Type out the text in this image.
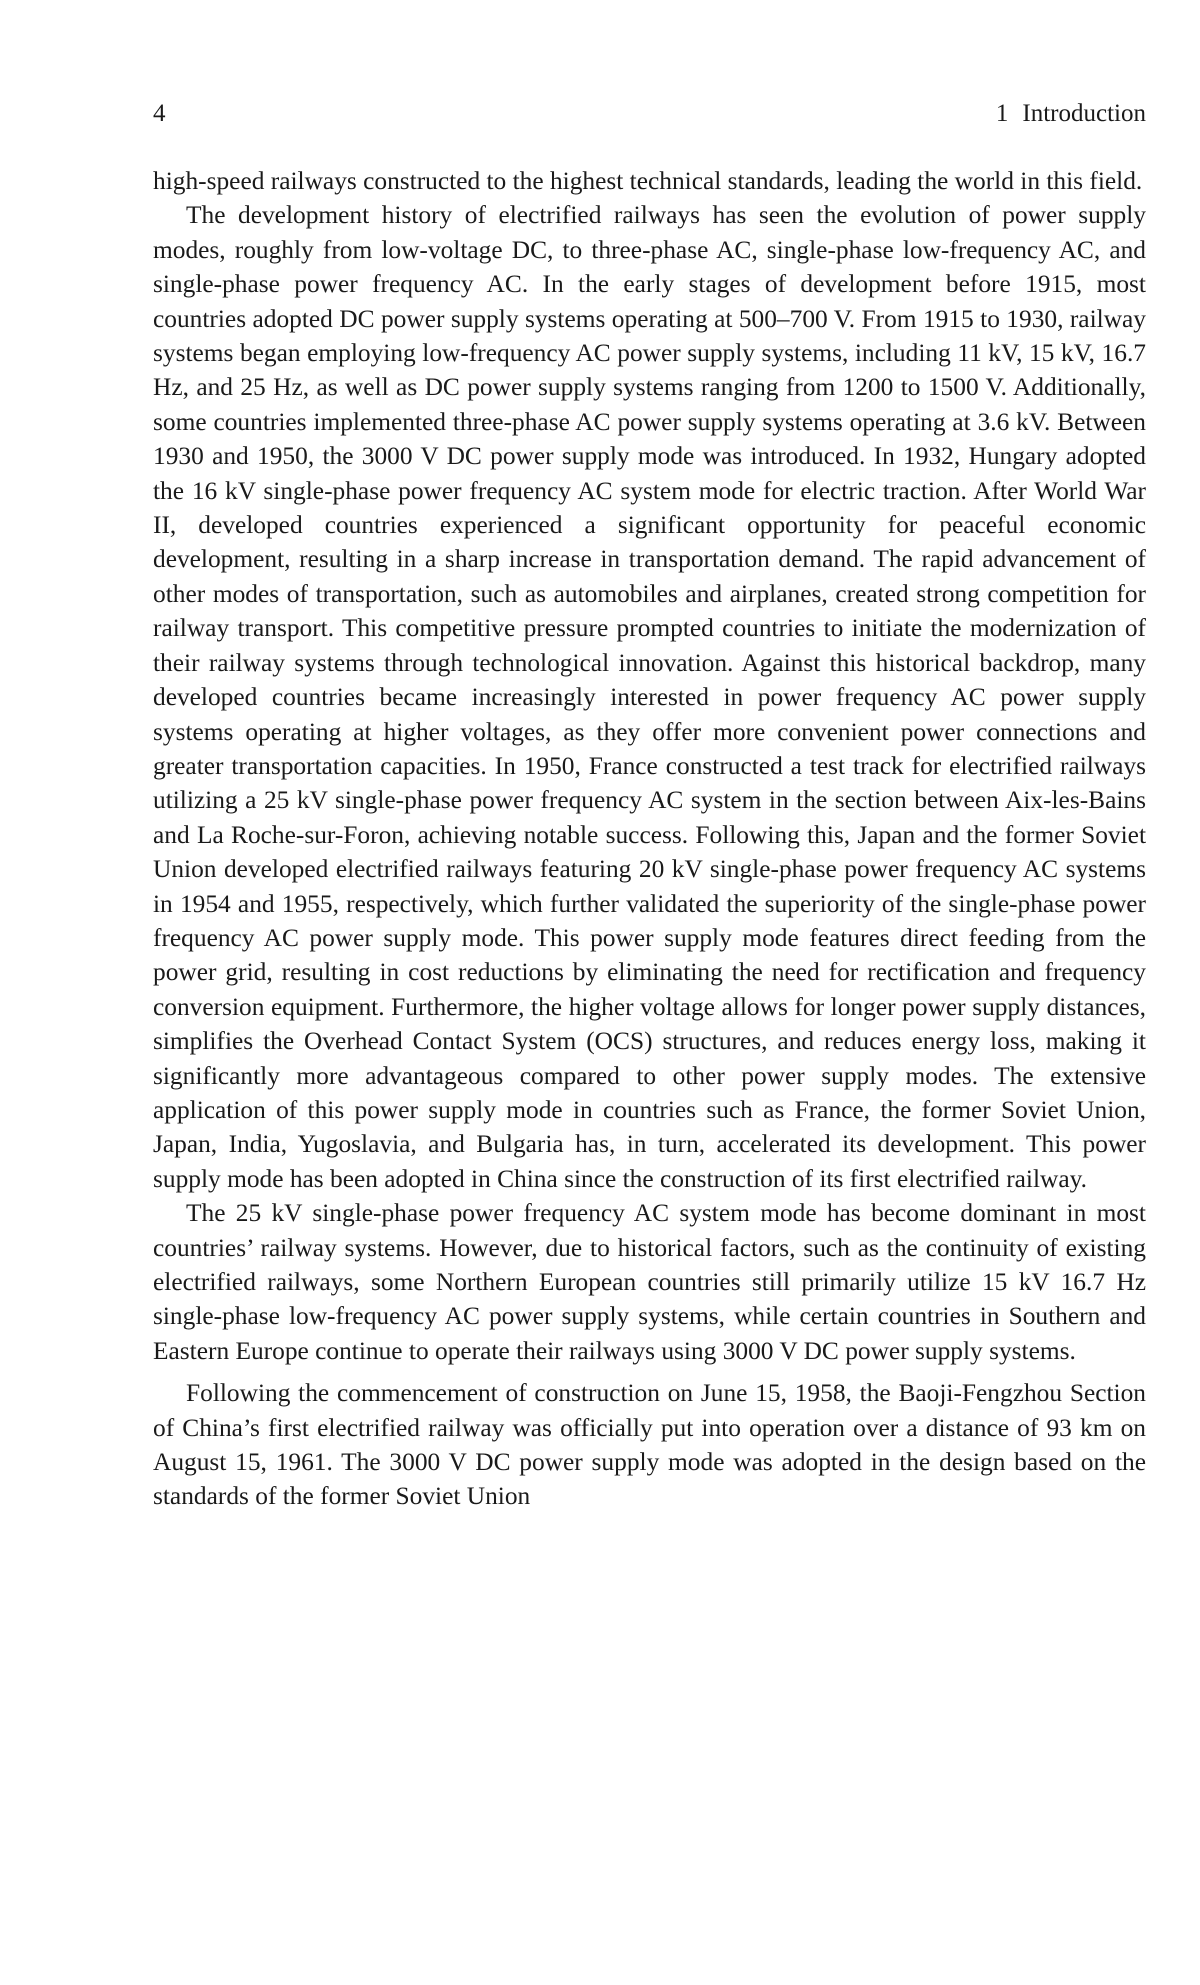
4	1 Introduction

high-speed railways constructed to the highest technical standards, leading the world in this field.

The development history of electrified railways has seen the evolution of power supply modes, roughly from low-voltage DC, to three-phase AC, single-phase low-frequency AC, and single-phase power frequency AC. In the early stages of development before 1915, most countries adopted DC power supply systems operating at 500–700 V. From 1915 to 1930, railway systems began employing low-frequency AC power supply systems, including 11 kV, 15 kV, 16.7 Hz, and 25 Hz, as well as DC power supply systems ranging from 1200 to 1500 V. Additionally, some countries implemented three-phase AC power supply systems operating at 3.6 kV. Between 1930 and 1950, the 3000 V DC power supply mode was introduced. In 1932, Hungary adopted the 16 kV single-phase power frequency AC system mode for electric traction. After World War II, developed countries experienced a significant opportunity for peaceful economic development, resulting in a sharp increase in transportation demand. The rapid advancement of other modes of transportation, such as automobiles and airplanes, created strong competition for railway transport. This competitive pressure prompted countries to initiate the modernization of their railway systems through technological innovation. Against this historical backdrop, many developed countries became increasingly interested in power frequency AC power supply systems operating at higher voltages, as they offer more convenient power connections and greater transportation capacities. In 1950, France constructed a test track for electrified railways utilizing a 25 kV single-phase power frequency AC system in the section between Aix-les-Bains and La Roche-sur-Foron, achieving notable success. Following this, Japan and the former Soviet Union developed electrified railways featuring 20 kV single-phase power frequency AC systems in 1954 and 1955, respectively, which further validated the superiority of the single-phase power frequency AC power supply mode. This power supply mode features direct feeding from the power grid, resulting in cost reductions by eliminating the need for rectification and frequency conversion equipment. Furthermore, the higher voltage allows for longer power supply distances, simplifies the Overhead Contact System (OCS) structures, and reduces energy loss, making it significantly more advantageous compared to other power supply modes. The extensive application of this power supply mode in countries such as France, the former Soviet Union, Japan, India, Yugoslavia, and Bulgaria has, in turn, accelerated its development. This power supply mode has been adopted in China since the construction of its first electrified railway.

The 25 kV single-phase power frequency AC system mode has become dominant in most countries’ railway systems. However, due to historical factors, such as the continuity of existing electrified railways, some Northern European countries still primarily utilize 15 kV 16.7 Hz single-phase low-frequency AC power supply systems, while certain countries in Southern and Eastern Europe continue to operate their railways using 3000 V DC power supply systems.

Following the commencement of construction on June 15, 1958, the Baoji-Fengzhou Section of China’s first electrified railway was officially put into operation over a distance of 93 km on August 15, 1961. The 3000 V DC power supply mode was adopted in the design based on the standards of the former Soviet Union
